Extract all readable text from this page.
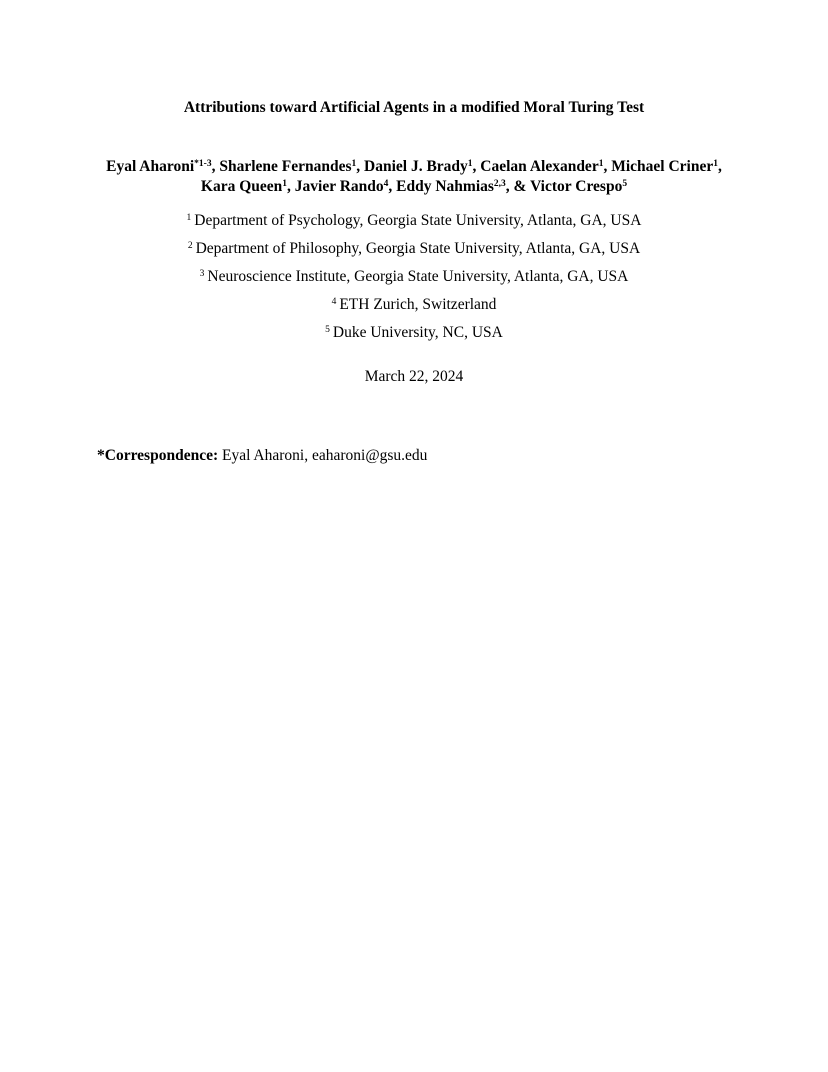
Attributions toward Artificial Agents in a modified Moral Turing Test
Eyal Aharoni$^{*1-3}$, Sharlene Fernandes$^1$, Daniel J. Brady$^1$, Caelan Alexander$^1$, Michael Criner$^1$, Kara Queen$^1$, Javier Rando$^4$, Eddy Nahmias$^{2,3}$, & Victor Crespo$^5$
$^1$ Department of Psychology, Georgia State University, Atlanta, GA, USA
$^2$ Department of Philosophy, Georgia State University, Atlanta, GA, USA
$^3$ Neuroscience Institute, Georgia State University, Atlanta, GA, USA
$^4$ ETH Zurich, Switzerland
$^5$ Duke University, NC, USA
March 22, 2024
*Correspondence: Eyal Aharoni, eaharoni@gsu.edu
